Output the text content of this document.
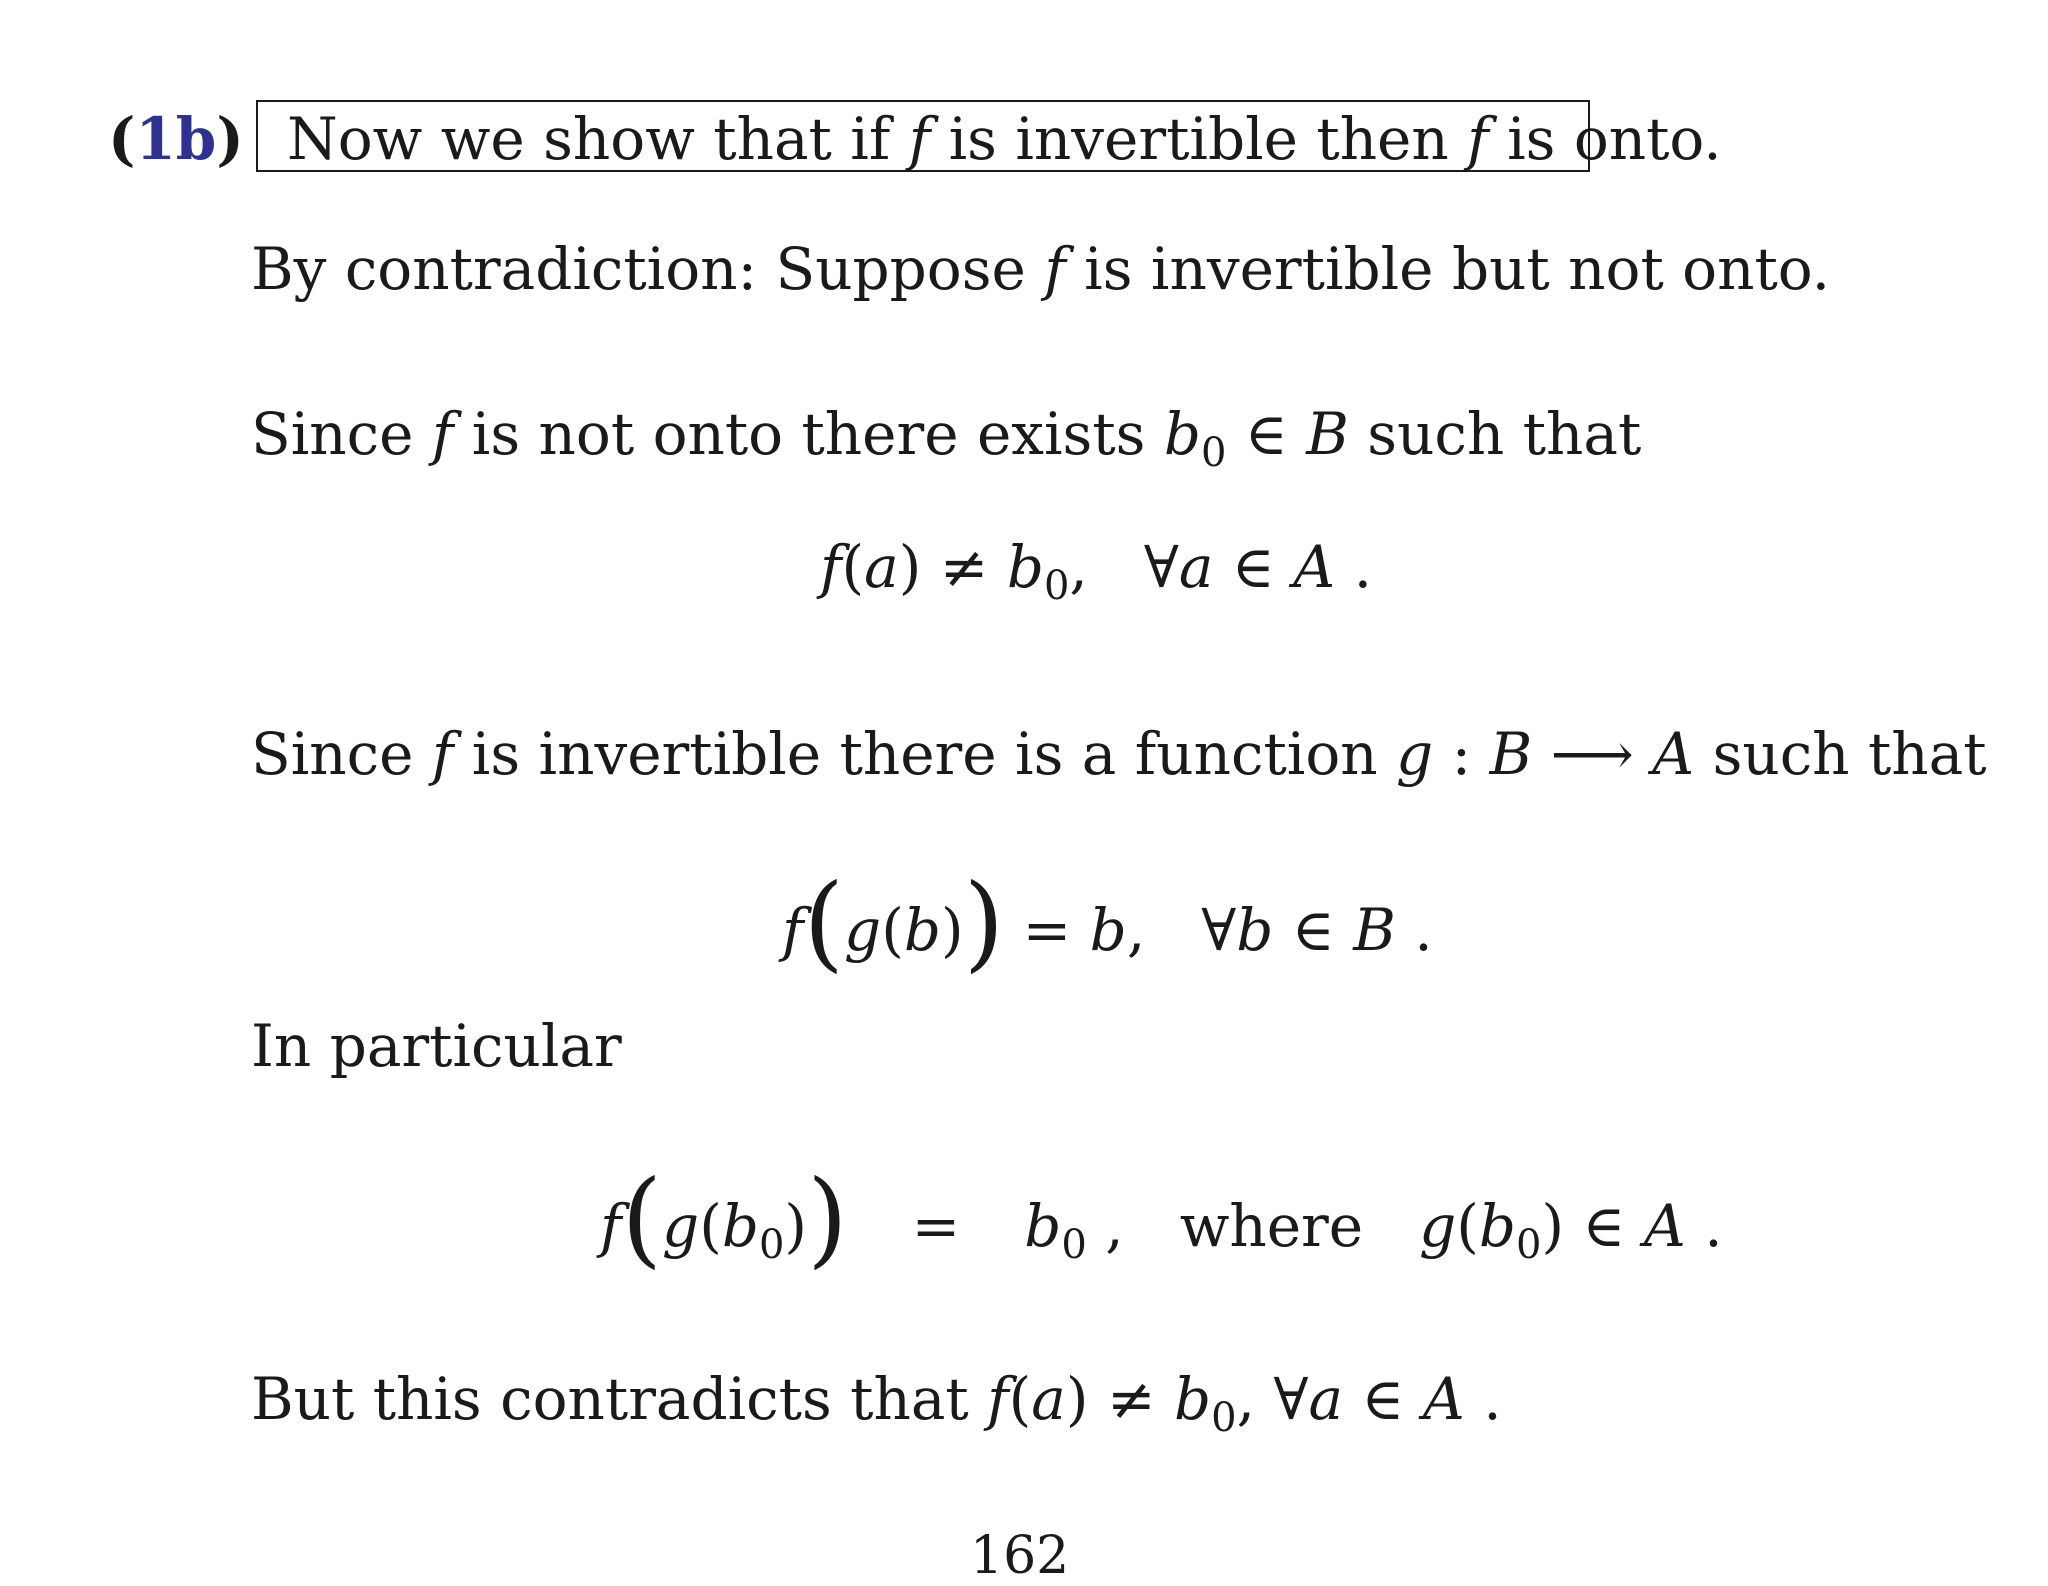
(1b) Now we show that if f is invertible then f is onto.
By contradiction: Suppose f is invertible but not onto.
Since f is not onto there exists $b_0$ ∈ B such that
$f(a) \ne b_0$, ∀a ∈ A .
Since f is invertible there is a function g : B ⟶ A such that
f(g(b)) = b, ∀b ∈ B .
In particular
$f(g(b_0)) = b_0$ , where $g(b_0)$ ∈ A .
But this contradicts that $f(a) \ne b_0$, ∀a ∈ A .
162
